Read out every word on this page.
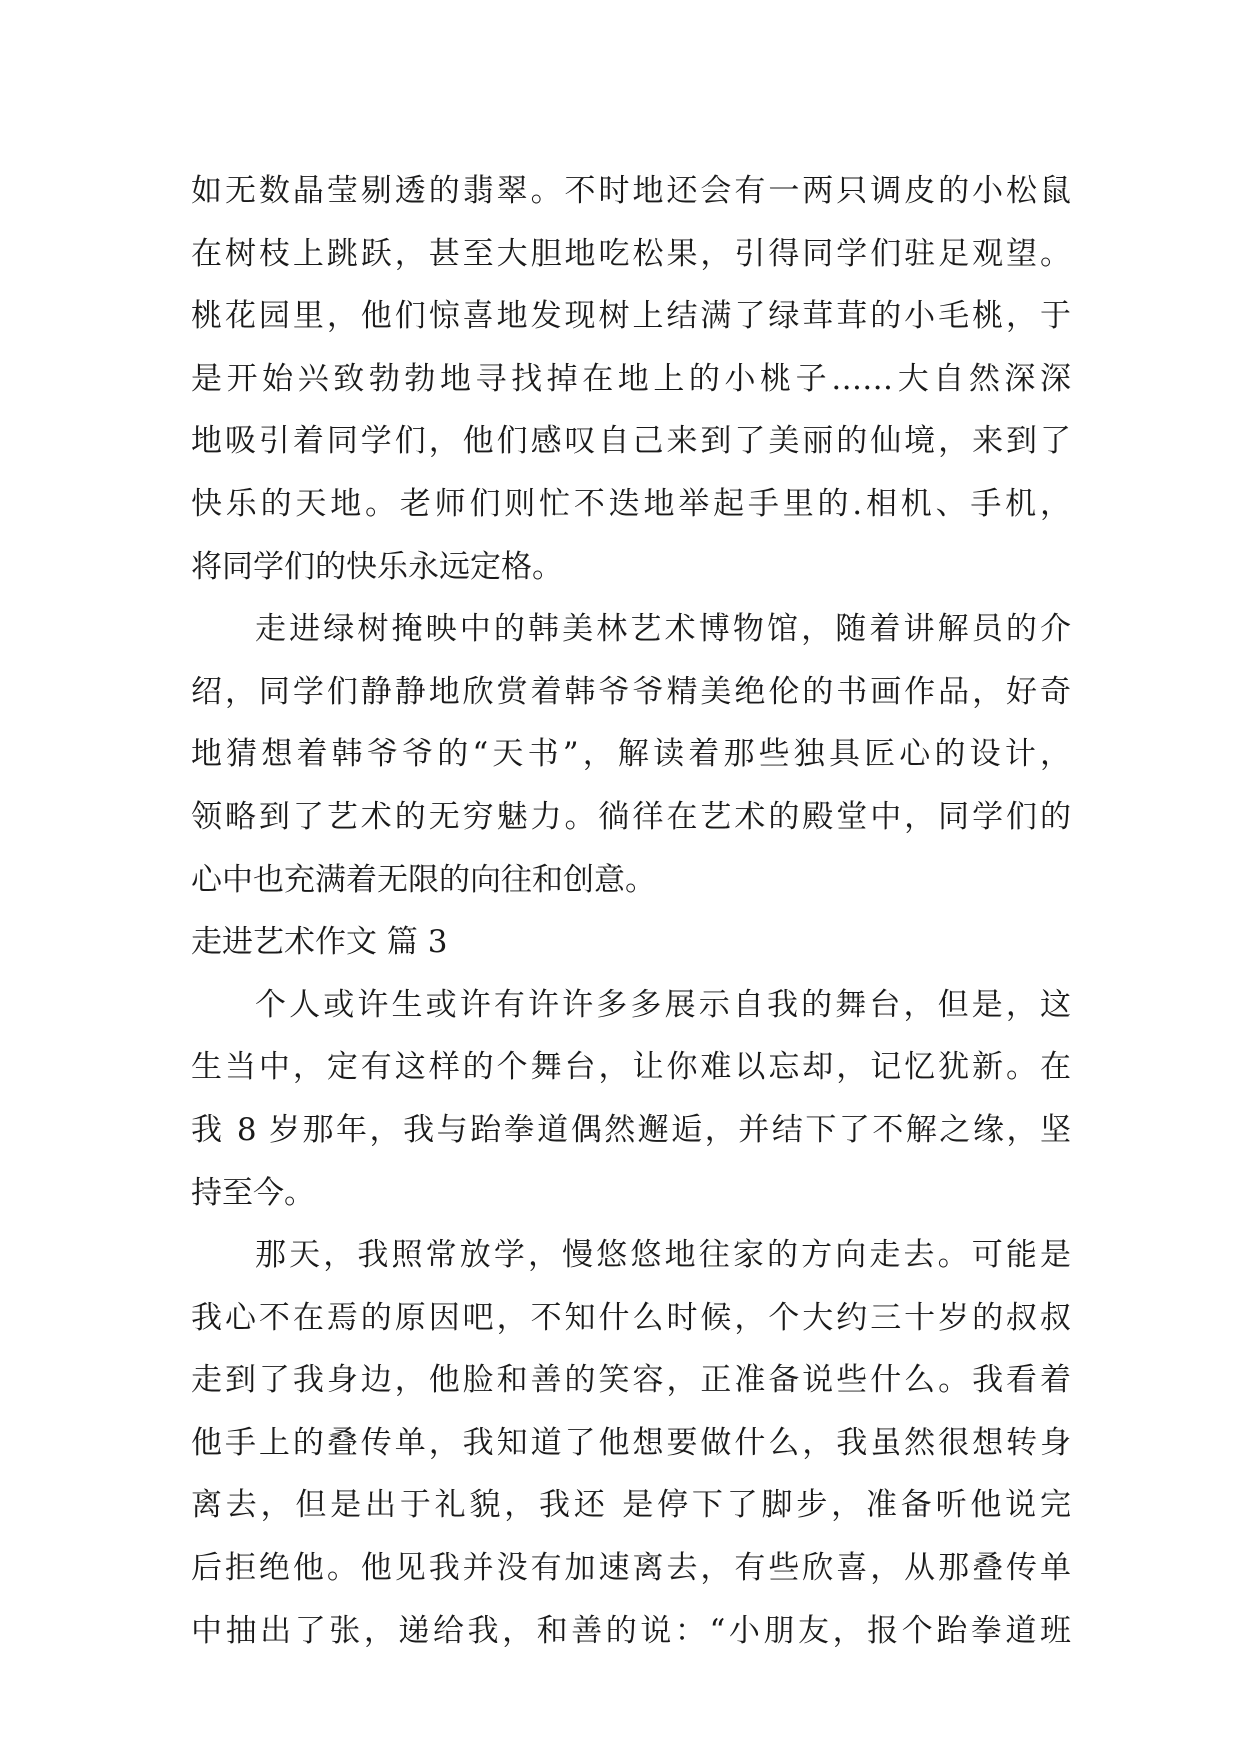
如无数晶莹剔透的翡翠。不时地还会有一两只调皮的小松鼠
在树枝上跳跃，甚至大胆地吃松果，引得同学们驻足观望。
桃花园里，他们惊喜地发现树上结满了绿茸茸的小毛桃，于
是开始兴致勃勃地寻找掉在地上的小桃子……大自然深深
地吸引着同学们，他们感叹自己来到了美丽的仙境，来到了
快乐的天地。老师们则忙不迭地举起手里的.相机、手机，
将同学们的快乐永远定格。
走进绿树掩映中的韩美林艺术博物馆，随着讲解员的介
绍，同学们静静地欣赏着韩爷爷精美绝伦的书画作品，好奇
地猜想着韩爷爷的“天书”，解读着那些独具匠心的设计，
领略到了艺术的无穷魅力。徜徉在艺术的殿堂中，同学们的
心中也充满着无限的向往和创意。
走进艺术作文 篇 3
个人或许生或许有许许多多展示自我的舞台，但是，这
生当中，定有这样的个舞台，让你难以忘却，记忆犹新。在
我 8 岁那年，我与跆拳道偶然邂逅，并结下了不解之缘，坚
持至今。
那天，我照常放学，慢悠悠地往家的方向走去。可能是
我心不在焉的原因吧，不知什么时候，个大约三十岁的叔叔
走到了我身边，他脸和善的笑容，正准备说些什么。我看着
他手上的叠传单，我知道了他想要做什么，我虽然很想转身
离去，但是出于礼貌，我还 是停下了脚步，准备听他说完
后拒绝他。他见我并没有加速离去，有些欣喜，从那叠传单
中抽出了张，递给我，和善的说：“小朋友，报个跆拳道班
